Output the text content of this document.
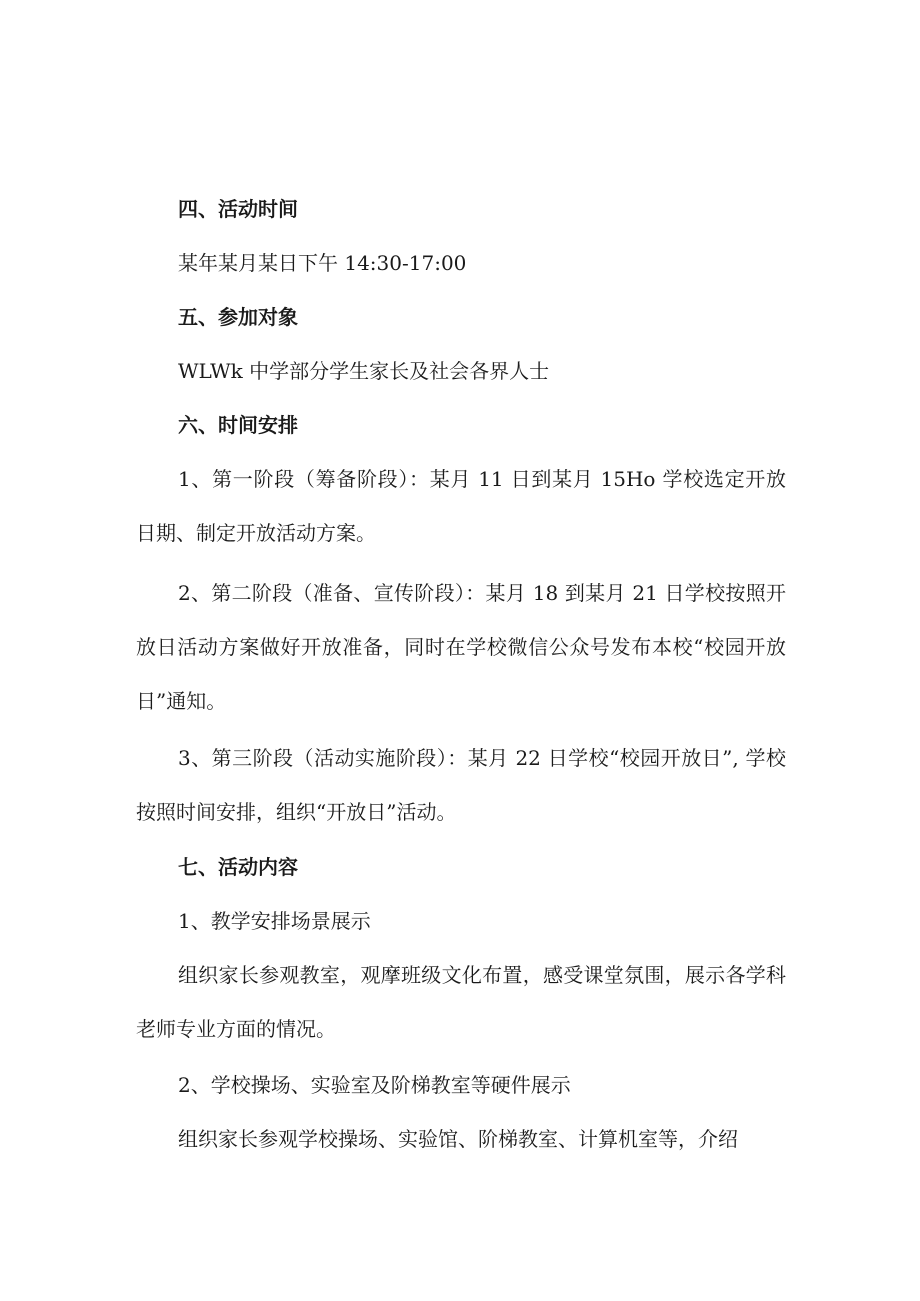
四、活动时间

某年某月某日下午 14:30-17:00

五、参加对象

WLWk 中学部分学生家长及社会各界人士

六、时间安排

1、第一阶段（筹备阶段）：某月 11 日到某月 15Ho 学校选定开放日期、制定开放活动方案。

2、第二阶段（准备、宣传阶段）：某月 18 到某月 21 日学校按照开放日活动方案做好开放准备，同时在学校微信公众号发布本校“校园开放日”通知。

3、第三阶段（活动实施阶段）：某月 22 日学校“校园开放日”, 学校按照时间安排，组织“开放日”活动。

七、活动内容

1、教学安排场景展示

组织家长参观教室，观摩班级文化布置，感受课堂氛围，展示各学科老师专业方面的情况。

2、学校操场、实验室及阶梯教室等硬件展示

组织家长参观学校操场、实验馆、阶梯教室、计算机室等，介绍
